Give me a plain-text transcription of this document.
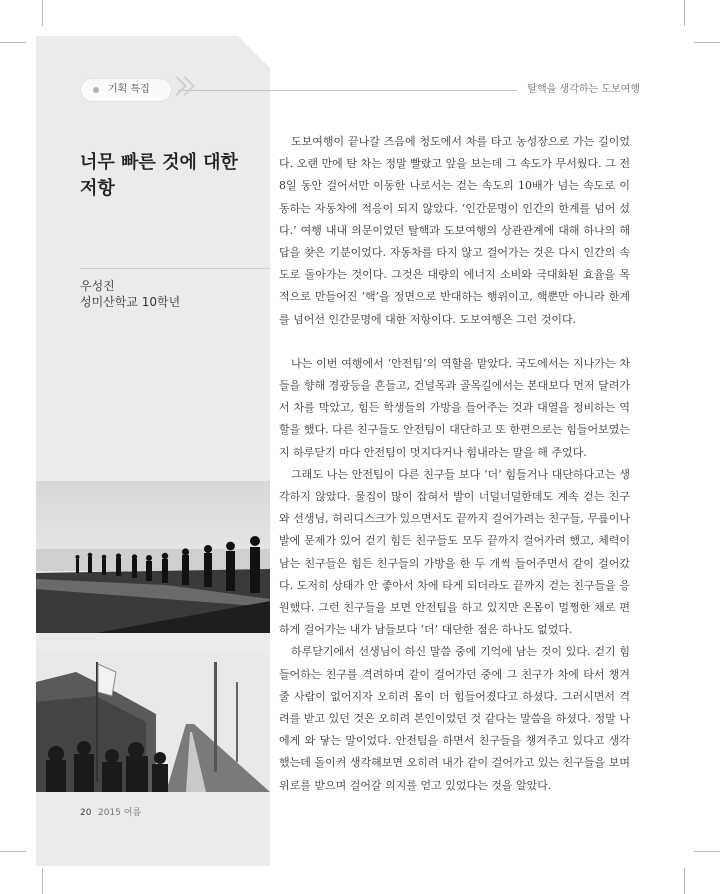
탈핵을 생각하는 도보여행
기획 특집
너무 빠른 것에 대한 저항
우성진
성미산학교 10학년

도보여행이 끝나갈 즈음에 청도에서 차를 타고 농성장으로 가는 길이었다. 오랜 만에 탄 차는 정말 빨랐고 앞을 보는데 그 속도가 무서웠다. 그 전 8일 동안 걸어서만 이동한 나로서는 걷는 속도의 10배가 넘는 속도로 이동하는 자동차에 적응이 되지 않았다. ‘인간문명이 인간의 한계를 넘어 섰다.’ 여행 내내 의문이었던 탈핵과 도보여행의 상관관계에 대해 하나의 해답을 찾은 기분이었다. 자동차를 타지 않고 걸어가는 것은 다시 인간의 속도로 돌아가는 것이다. 그것은 대량의 에너지 소비와 극대화된 효율을 목적으로 만들어진 ‘핵’을 정면으로 반대하는 행위이고, 핵뿐만 아니라 한계를 넘어선 인간문명에 대한 저항이다. 도보여행은 그런 것이다.

나는 이번 여행에서 ‘안전팀’의 역할을 맡았다. 국도에서는 지나가는 차들을 향해 경광등을 흔들고, 건널목과 골목길에서는 본대보다 먼저 달려가서 차를 막았고, 힘든 학생들의 가방을 들어주는 것과 대열을 정비하는 역할을 했다. 다른 친구들도 안전팀이 대단하고 또 한편으로는 힘들어보였는지 하루닫기 마다 안전팀이 멋지다거나 힘내라는 말을 해 주었다.

그래도 나는 안전팀이 다른 친구들 보다 ‘더’ 힘들거나 대단하다고는 생각하지 않았다. 물집이 많이 잡혀서 발이 너덜너덜한데도 계속 걷는 친구와 선생님, 허리디스크가 있으면서도 끝까지 걸어가려는 친구들, 무릎이나 발에 문제가 있어 걷기 힘든 친구들도 모두 끝까지 걸어가려 했고, 체력이 남는 친구들은 힘든 친구들의 가방을 한 두 개씩 들어주면서 같이 걸어갔다. 도저히 상태가 안 좋아서 차에 타게 되더라도 끝까지 걷는 친구들을 응원했다. 그런 친구들을 보면 안전팀을 하고 있지만 온몸이 멀쩡한 채로 편하게 걸어가는 내가 남들보다 ‘더’ 대단한 점은 하나도 없었다.

하루닫기에서 선생님이 하신 말씀 중에 기억에 남는 것이 있다. 걷기 힘들어하는 친구를 격려하며 같이 걸어가던 중에 그 친구가 차에 타서 챙겨줄 사람이 없어지자 오히려 몸이 더 힘들어졌다고 하셨다. 그러시면서 격려를 받고 있던 것은 오히려 본인이었던 것 같다는 말씀을 하셨다. 정말 나에게 와 닿는 말이었다. 안전팀을 하면서 친구들을 챙겨주고 있다고 생각했는데 돌이켜 생각해보면 오히려 내가 같이 걸어가고 있는 친구들을 보며 위로를 받으며 걸어갈 의지를 얻고 있었다는 것을 알았다.

20 2015 여름
